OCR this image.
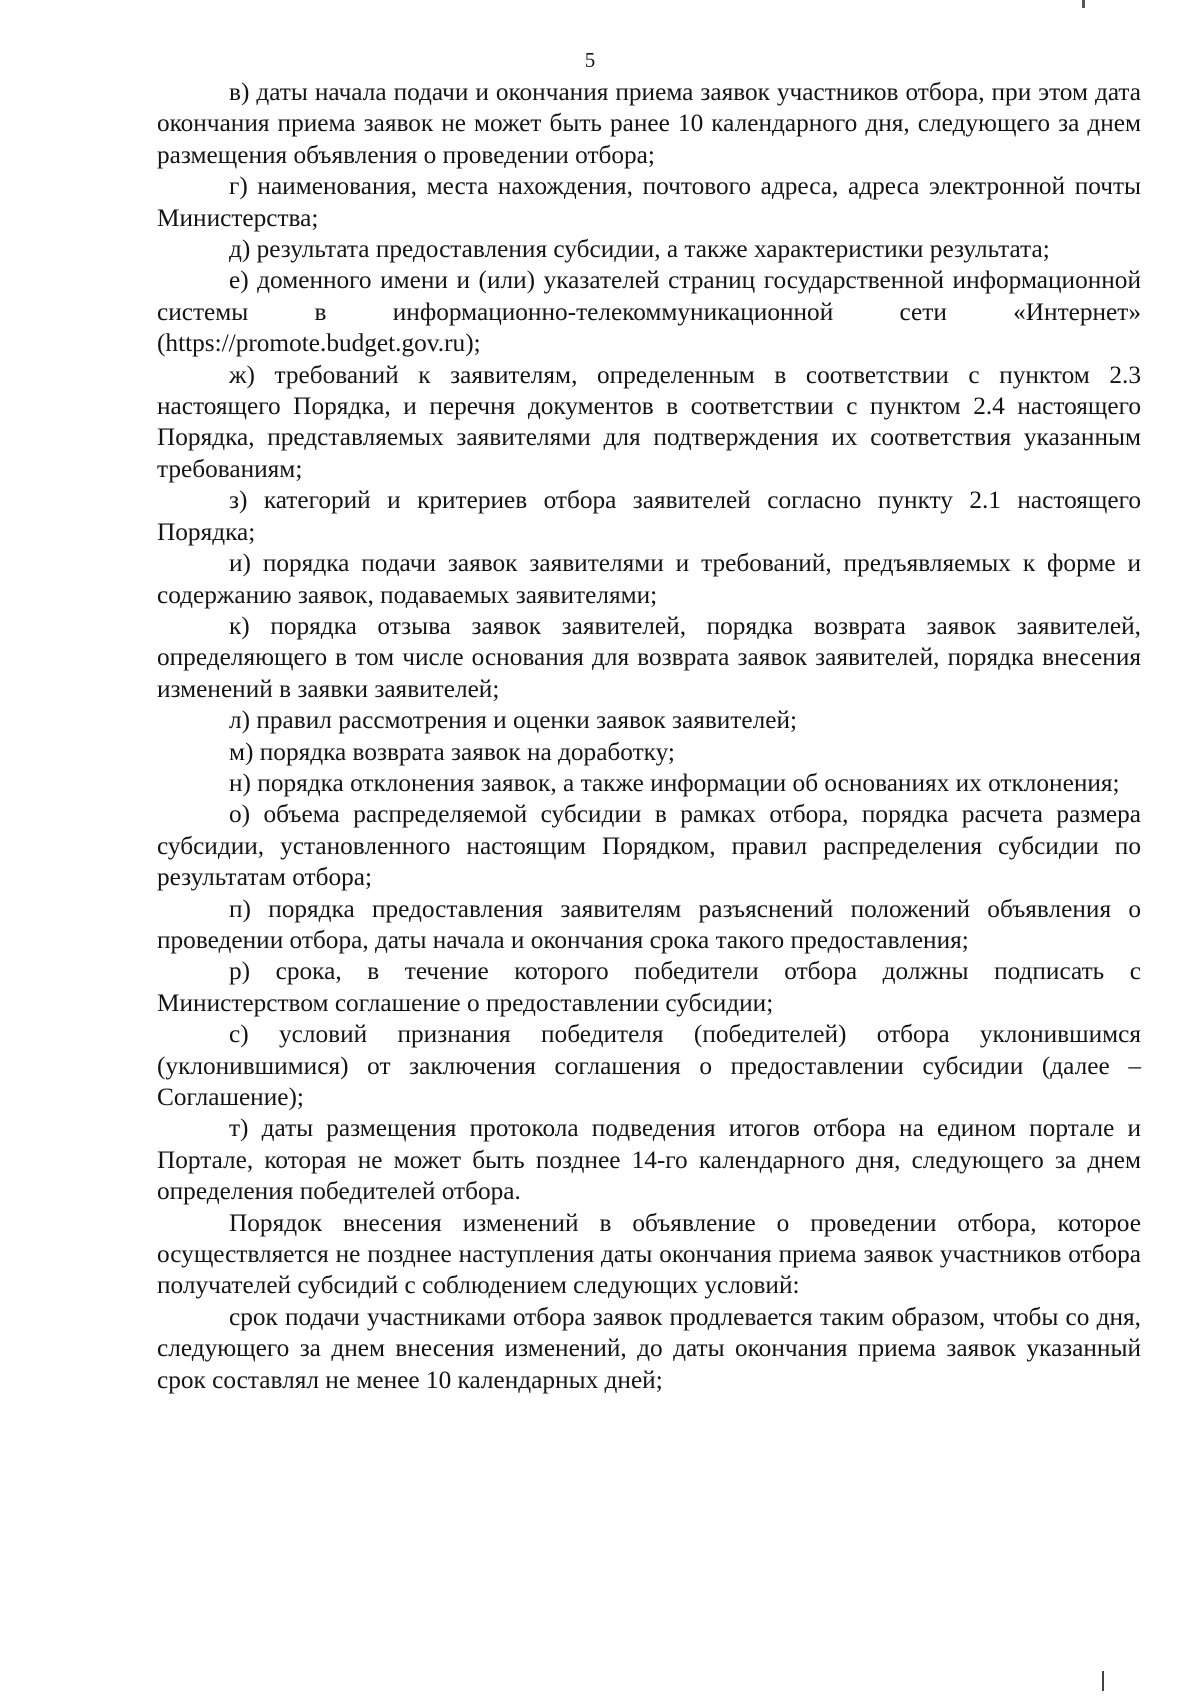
5

в) даты начала подачи и окончания приема заявок участников отбора, при этом дата окончания приема заявок не может быть ранее 10 календарного дня, следующего за днем размещения объявления о проведении отбора;

г) наименования, места нахождения, почтового адреса, адреса электронной почты Министерства;

д) результата предоставления субсидии, а также характеристики результата;

е) доменного имени и (или) указателей страниц государственной информационной системы в информационно-телекоммуникационной сети «Интернет» (https://promote.budget.gov.ru);

ж) требований к заявителям, определенным в соответствии с пунктом 2.3 настоящего Порядка, и перечня документов в соответствии с пунктом 2.4 настоящего Порядка, представляемых заявителями для подтверждения их соответствия указанным требованиям;

з) категорий и критериев отбора заявителей согласно пункту 2.1 настоящего Порядка;

и) порядка подачи заявок заявителями и требований, предъявляемых к форме и содержанию заявок, подаваемых заявителями;

к) порядка отзыва заявок заявителей, порядка возврата заявок заявителей, определяющего в том числе основания для возврата заявок заявителей, порядка внесения изменений в заявки заявителей;

л) правил рассмотрения и оценки заявок заявителей;

м) порядка возврата заявок на доработку;

н) порядка отклонения заявок, а также информации об основаниях их отклонения;

о) объема распределяемой субсидии в рамках отбора, порядка расчета размера субсидии, установленного настоящим Порядком, правил распределения субсидии по результатам отбора;

п) порядка предоставления заявителям разъяснений положений объявления о проведении отбора, даты начала и окончания срока такого предоставления;

р) срока, в течение которого победители отбора должны подписать с Министерством соглашение о предоставлении субсидии;

с) условий признания победителя (победителей) отбора уклонившимся (уклонившимися) от заключения соглашения о предоставлении субсидии (далее – Соглашение);

т) даты размещения протокола подведения итогов отбора на едином портале и Портале, которая не может быть позднее 14-го календарного дня, следующего за днем определения победителей отбора.

Порядок внесения изменений в объявление о проведении отбора, которое осуществляется не позднее наступления даты окончания приема заявок участников отбора получателей субсидий с соблюдением следующих условий:

срок подачи участниками отбора заявок продлевается таким образом, чтобы со дня, следующего за днем внесения изменений, до даты окончания приема заявок указанный срок составлял не менее 10 календарных дней;
